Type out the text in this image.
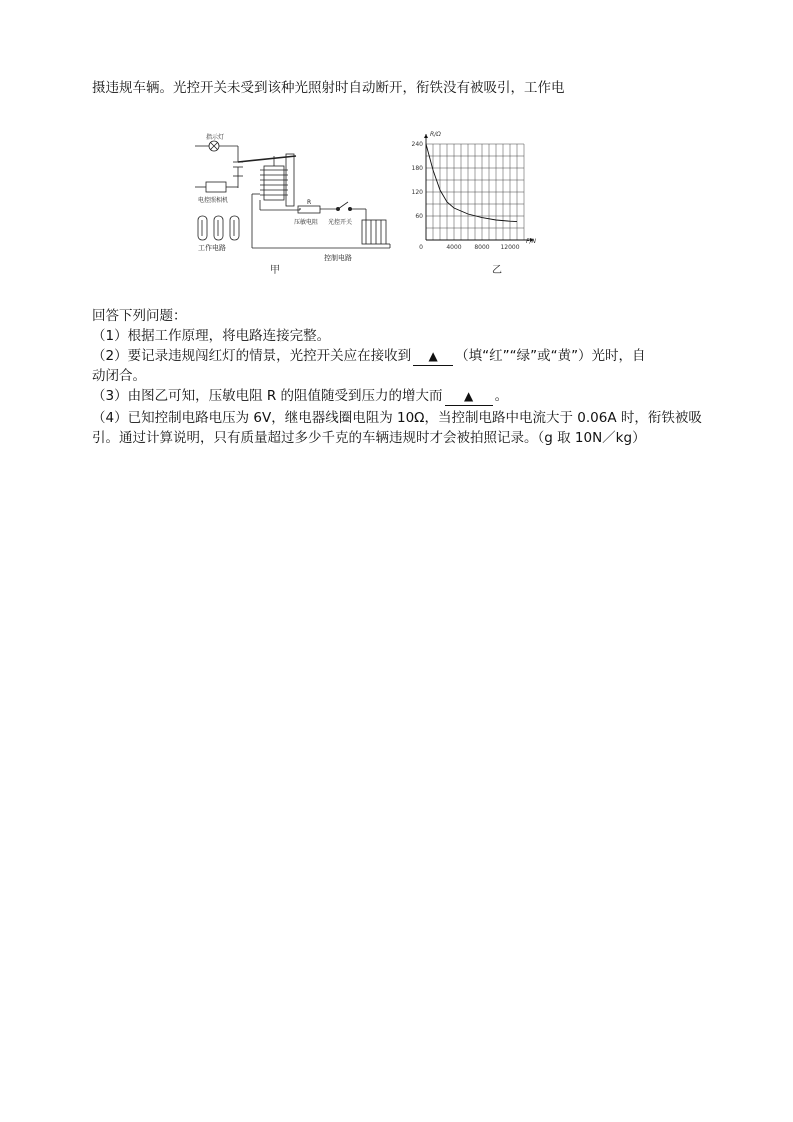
摄违规车辆。光控开关未受到该种光照射时自动断开，衔铁没有被吸引，工作电
指示灯
电控照相机
工作电路
控制电路
压敏电阻 光控开关
R
甲
4000 8000 12000
60
120
180
240
0
R/Ω
F/N
乙
回答下列问题：
（1）根据工作原理，将电路连接完整。
（2）要记录违规闯红灯的情景，光控开关应在接收到 ▲ （填“红”“绿”或“黄”）光时，自
动闭合。
（3）由图乙可知，压敏电阻 R 的阻值随受到压力的增大而 ▲ 。
（4）已知控制电路电压为 6V，继电器线圈电阻为 10Ω，当控制电路中电流大于 0.06A 时，衔铁被吸
引。通过计算说明，只有质量超过多少千克的车辆违规时才会被拍照记录。（g 取 10N／kg）
